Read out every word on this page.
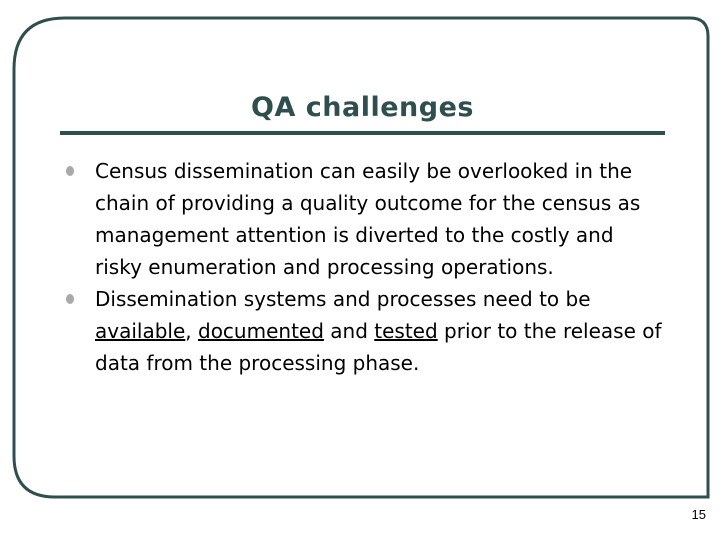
QA challenges
Census dissemination can easily be overlooked in the chain of providing a quality outcome for the census as management attention is diverted to the costly and risky enumeration and processing operations.
Dissemination systems and processes need to be available, documented and tested prior to the release of data from the processing phase.
15
